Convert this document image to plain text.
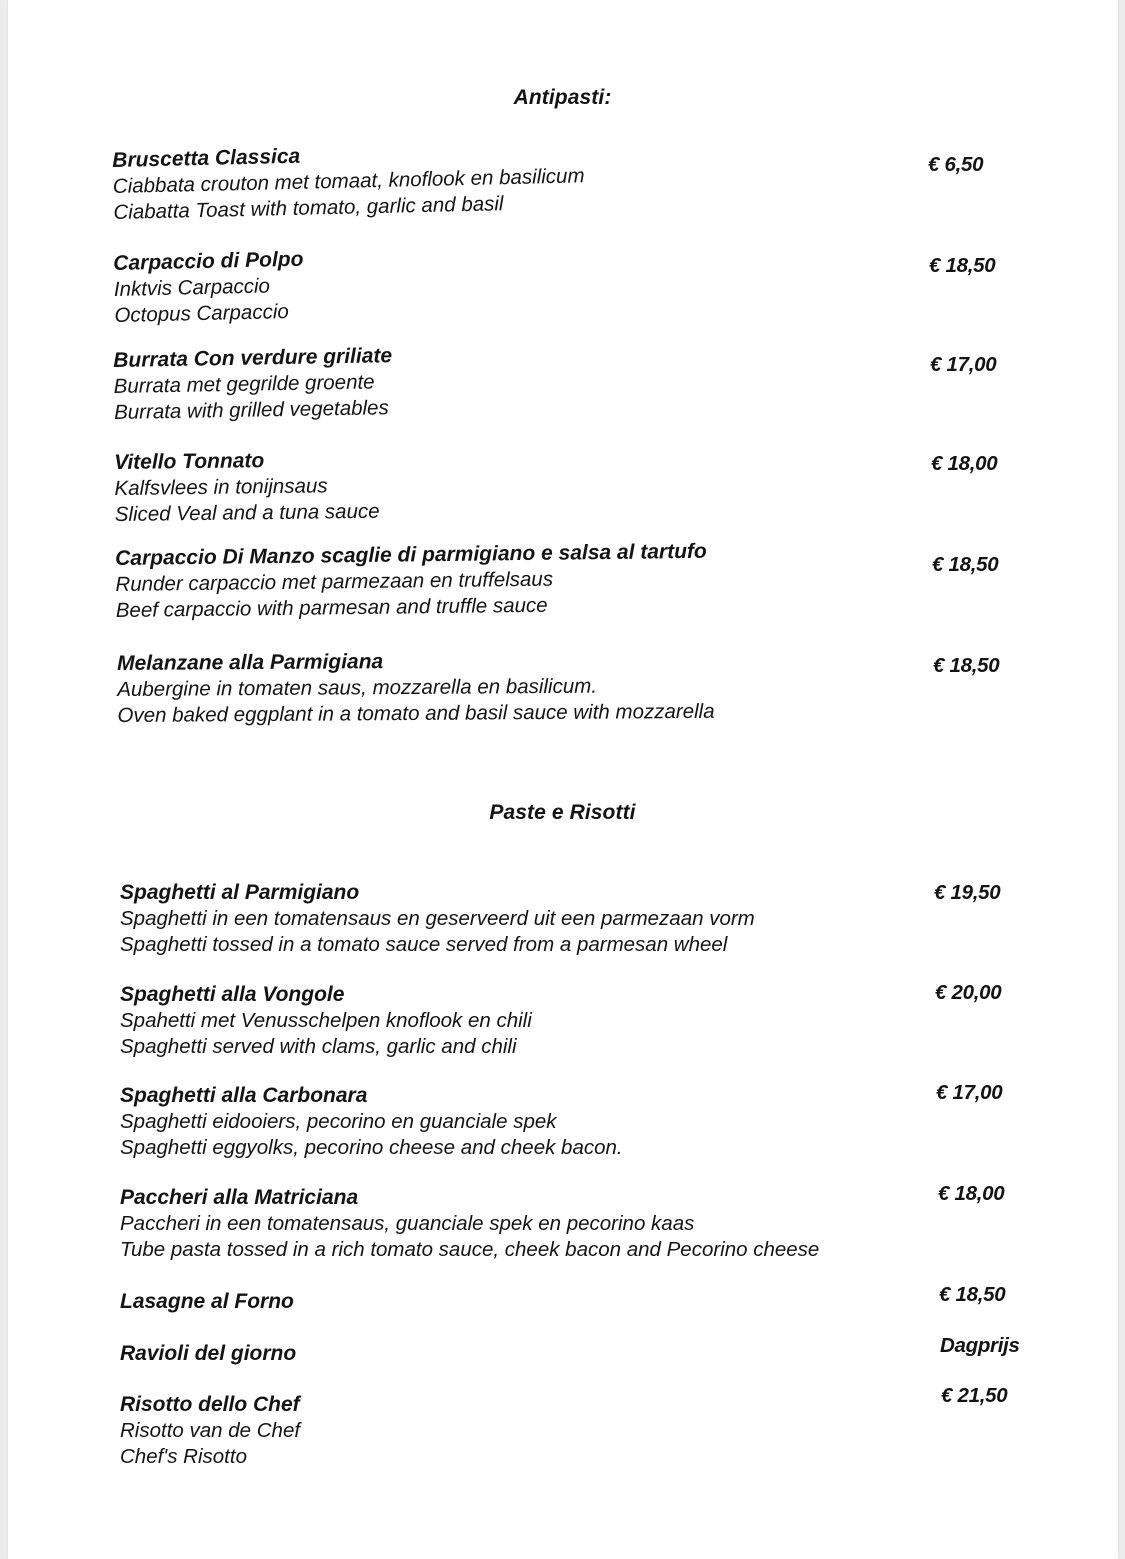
Antipasti:
Bruscetta Classica
Ciabbata crouton met tomaat, knoflook en basilicum
Ciabatta Toast with tomato, garlic and basil
€ 6,50
Carpaccio di Polpo
Inktvis Carpaccio
Octopus Carpaccio
€ 18,50
Burrata Con verdure griliate
Burrata met gegrilde groente
Burrata with grilled vegetables
€ 17,00
Vitello Tonnato
Kalfsvlees in tonijnsaus
Sliced Veal and a tuna sauce
€ 18,00
Carpaccio Di Manzo scaglie di parmigiano e salsa al tartufo
Runder carpaccio met parmezaan en truffelsaus
Beef carpaccio with parmesan and truffle sauce
€ 18,50
Melanzane alla Parmigiana
Aubergine in tomaten saus, mozzarella en basilicum.
Oven baked eggplant in a tomato and basil sauce with mozzarella
€ 18,50
Paste e Risotti
Spaghetti al Parmigiano
Spaghetti in een tomatensaus en geserveerd uit een parmezaan vorm
Spaghetti tossed in a tomato sauce served from a parmesan wheel
€ 19,50
Spaghetti alla Vongole
Spahetti met Venusschelpen knoflook en chili
Spaghetti served with clams, garlic and chili
€ 20,00
Spaghetti alla Carbonara
Spaghetti eidooiers, pecorino en guanciale spek
Spaghetti eggyolks, pecorino cheese and cheek bacon.
€ 17,00
Paccheri alla Matriciana
Paccheri in een tomatensaus, guanciale spek en pecorino kaas
Tube pasta tossed in a rich tomato sauce, cheek bacon and Pecorino cheese
€ 18,00
Lasagne al Forno	€ 18,50
Ravioli del giorno	Dagprijs
Risotto dello Chef
Risotto van de Chef
Chef's Risotto
€ 21,50
